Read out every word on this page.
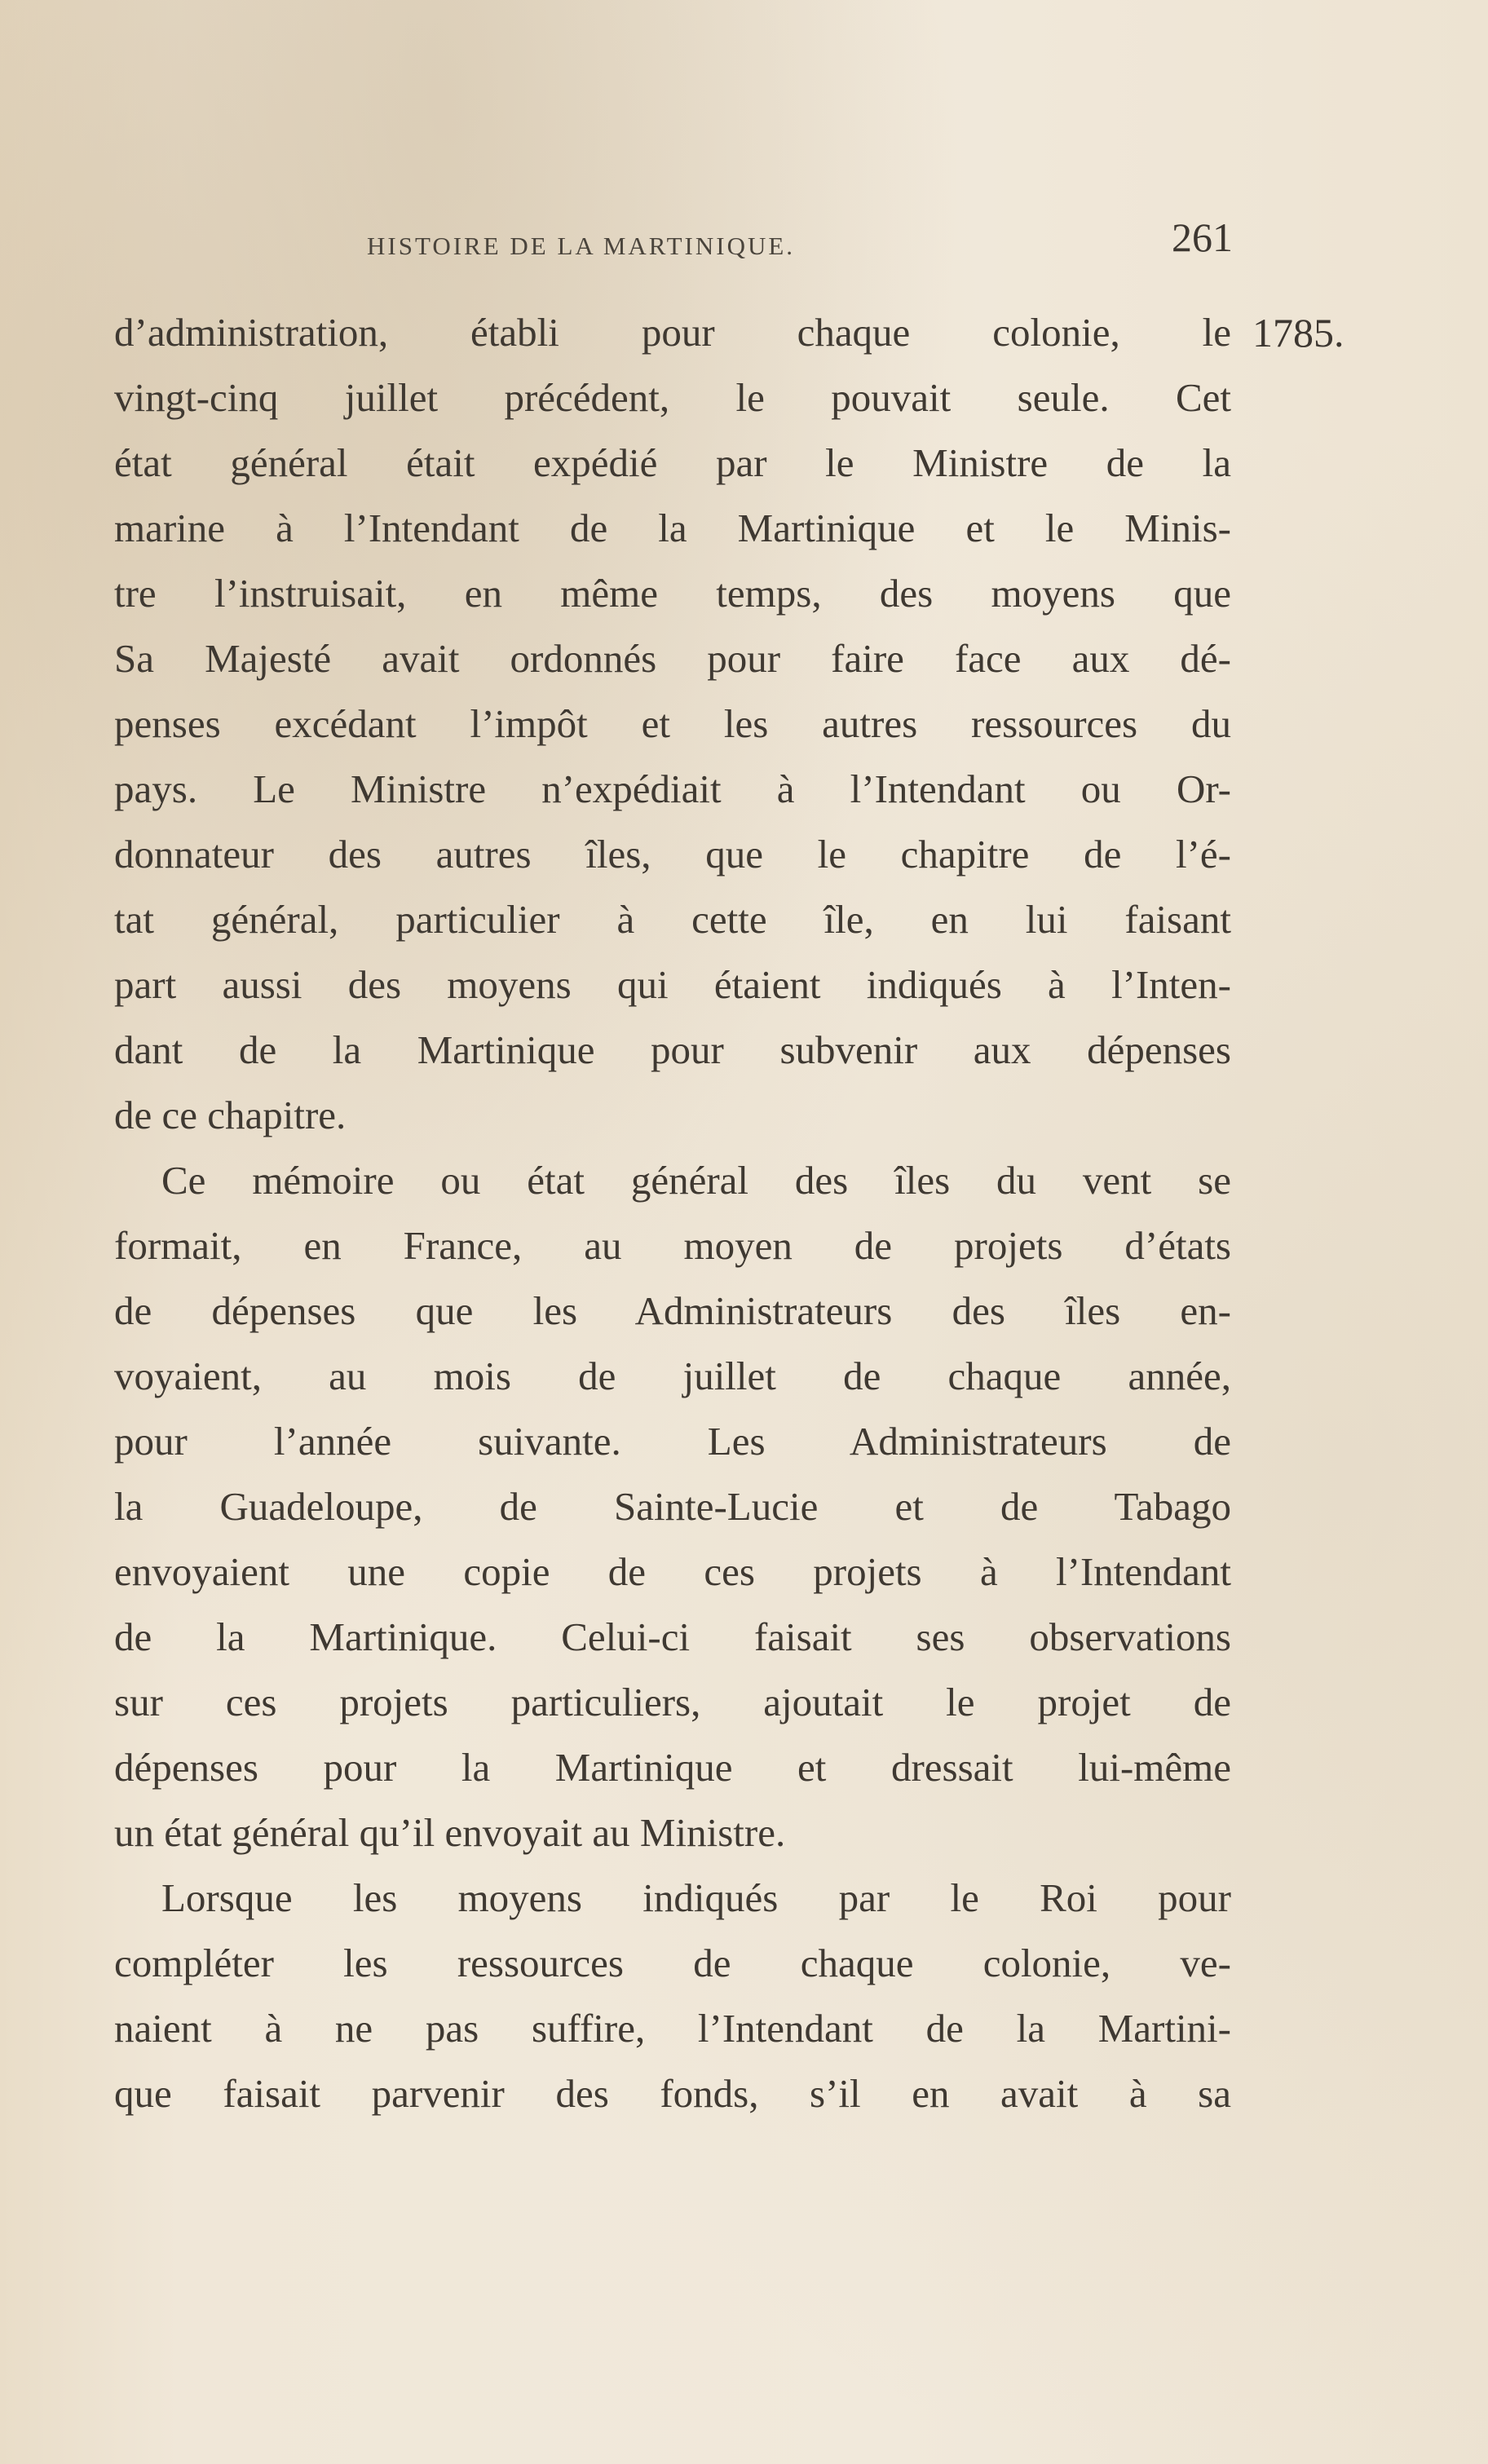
HISTOIRE DE LA MARTINIQUE.	261
1785.
d’administration, établi pour chaque colonie, le
vingt-cinq juillet précédent, le pouvait seule. Cet
état général était expédié par le Ministre de la
marine à l’Intendant de la Martinique et le Minis-
tre l’instruisait, en même temps, des moyens que
Sa Majesté avait ordonnés pour faire face aux dé-
penses excédant l’impôt et les autres ressources du
pays. Le Ministre n’expédiait à l’Intendant ou Or-
donnateur des autres îles, que le chapitre de l’é-
tat général, particulier à cette île, en lui faisant
part aussi des moyens qui étaient indiqués à l’Inten-
dant de la Martinique pour subvenir aux dépenses
de ce chapitre.
Ce mémoire ou état général des îles du vent se
formait, en France, au moyen de projets d’états
de dépenses que les Administrateurs des îles en-
voyaient, au mois de juillet de chaque année,
pour l’année suivante. Les Administrateurs de
la Guadeloupe, de Sainte-Lucie et de Tabago
envoyaient une copie de ces projets à l’Intendant
de la Martinique. Celui-ci faisait ses observations
sur ces projets particuliers, ajoutait le projet de
dépenses pour la Martinique et dressait lui-même
un état général qu’il envoyait au Ministre.
Lorsque les moyens indiqués par le Roi pour
compléter les ressources de chaque colonie, ve-
naient à ne pas suffire, l’Intendant de la Martini-
que faisait parvenir des fonds, s’il en avait à sa
